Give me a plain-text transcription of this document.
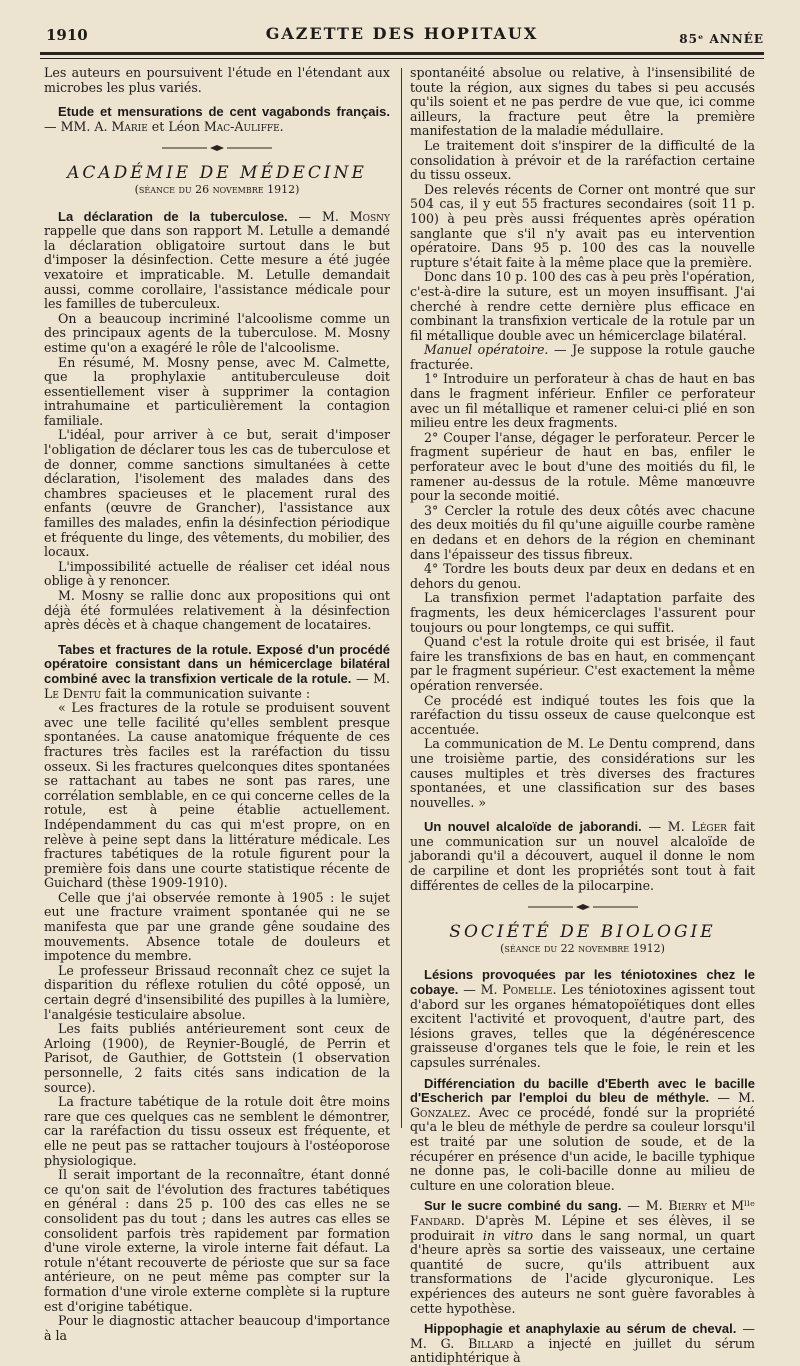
1910	GAZETTE DES HOPITAUX	85ᵉ ANNÉE

Les auteurs en poursuivent l'étude en l'étendant aux microbes les plus variés.

Etude et mensurations de cent vagabonds français. — MM. A. Marie et Léon Mac-Auliffe.

ACADÉMIE DE MÉDECINE
(séance du 26 novembre 1912)

La déclaration de la tuberculose. — M. Mosny rappelle que dans son rapport M. Letulle a demandé la déclaration obligatoire surtout dans le but d'imposer la désinfection. Cette mesure a été jugée vexatoire et impraticable. M. Letulle demandait aussi, comme corollaire, l'assistance médicale pour les familles de tuberculeux.

On a beaucoup incriminé l'alcoolisme comme un des principaux agents de la tuberculose. M. Mosny estime qu'on a exagéré le rôle de l'alcoolisme.

En résumé, M. Mosny pense, avec M. Calmette, que la prophylaxie antituberculeuse doit essentiellement viser à supprimer la contagion intrahumaine et particulièrement la contagion familiale.

L'idéal, pour arriver à ce but, serait d'imposer l'obligation de déclarer tous les cas de tuberculose et de donner, comme sanctions simultanées à cette déclaration, l'isolement des malades dans des chambres spacieuses et le placement rural des enfants (œuvre de Grancher), l'assistance aux familles des malades, enfin la désinfection périodique et fréquente du linge, des vêtements, du mobilier, des locaux.

L'impossibilité actuelle de réaliser cet idéal nous oblige à y renoncer.

M. Mosny se rallie donc aux propositions qui ont déjà été formulées relativement à la désinfection après décès et à chaque changement de locataires.

Tabes et fractures de la rotule. Exposé d'un procédé opératoire consistant dans un hémicerclage bilatéral combiné avec la transfixion verticale de la rotule. — M. Le Dentu fait la communication suivante :

« Les fractures de la rotule se produisent souvent avec une telle facilité qu'elles semblent presque spontanées. La cause anatomique fréquente de ces fractures très faciles est la raréfaction du tissu osseux. Si les fractures quelconques dites spontanées se rattachant au tabes ne sont pas rares, une corrélation semblable, en ce qui concerne celles de la rotule, est à peine établie actuellement. Indépendamment du cas qui m'est propre, on en relève à peine sept dans la littérature médicale. Les fractures tabétiques de la rotule figurent pour la première fois dans une courte statistique récente de Guichard (thèse 1909-1910).

Celle que j'ai observée remonte à 1905 : le sujet eut une fracture vraiment spontanée qui ne se manifesta que par une grande gêne soudaine des mouvements. Absence totale de douleurs et impotence du membre.

Le professeur Brissaud reconnaît chez ce sujet la disparition du réflexe rotulien du côté opposé, un certain degré d'insensibilité des pupilles à la lumière, l'analgésie testiculaire absolue.

Les faits publiés antérieurement sont ceux de Arloing (1900), de Reynier-Bouglé, de Perrin et Parisot, de Gauthier, de Gottstein (1 observation personnelle, 2 faits cités sans indication de la source).

La fracture tabétique de la rotule doit être moins rare que ces quelques cas ne semblent le démontrer, car la raréfaction du tissu osseux est fréquente, et elle ne peut pas se rattacher toujours à l'ostéoporose physiologique.

Il serait important de la reconnaître, étant donné ce qu'on sait de l'évolution des fractures tabétiques en général : dans 25 p. 100 des cas elles ne se consolident pas du tout ; dans les autres cas elles se consolident parfois très rapidement par formation d'une virole externe, la virole interne fait défaut. La rotule n'étant recouverte de périoste que sur sa face antérieure, on ne peut même pas compter sur la formation d'une virole externe complète si la rupture est d'origine tabétique.

Pour le diagnostic attacher beaucoup d'importance à la

spontanéité absolue ou relative, à l'insensibilité de toute la région, aux signes du tabes si peu accusés qu'ils soient et ne pas perdre de vue que, ici comme ailleurs, la fracture peut être la première manifestation de la maladie médullaire.

Le traitement doit s'inspirer de la difficulté de la consolidation à prévoir et de la raréfaction certaine du tissu osseux.

Des relevés récents de Corner ont montré que sur 504 cas, il y eut 55 fractures secondaires (soit 11 p. 100) à peu près aussi fréquentes après opération sanglante que s'il n'y avait pas eu intervention opératoire. Dans 95 p. 100 des cas la nouvelle rupture s'était faite à la même place que la première.

Donc dans 10 p. 100 des cas à peu près l'opération, c'est-à-dire la suture, est un moyen insuffisant. J'ai cherché à rendre cette dernière plus efficace en combinant la transfixion verticale de la rotule par un fil métallique double avec un hémicerclage bilatéral.

Manuel opératoire. — Je suppose la rotule gauche fracturée.

1° Introduire un perforateur à chas de haut en bas dans le fragment inférieur. Enfiler ce perforateur avec un fil métallique et ramener celui-ci plié en son milieu entre les deux fragments.

2° Couper l'anse, dégager le perforateur. Percer le fragment supérieur de haut en bas, enfiler le perforateur avec le bout d'une des moitiés du fil, le ramener au-dessus de la rotule. Même manœuvre pour la seconde moitié.

3° Cercler la rotule des deux côtés avec chacune des deux moitiés du fil qu'une aiguille courbe ramène en dedans et en dehors de la région en cheminant dans l'épaisseur des tissus fibreux.

4° Tordre les bouts deux par deux en dedans et en dehors du genou.

La transfixion permet l'adaptation parfaite des fragments, les deux hémicerclages l'assurent pour toujours ou pour longtemps, ce qui suffit.

Quand c'est la rotule droite qui est brisée, il faut faire les transfixions de bas en haut, en commençant par le fragment supérieur. C'est exactement la même opération renversée.

Ce procédé est indiqué toutes les fois que la raréfaction du tissu osseux de cause quelconque est accentuée.

La communication de M. Le Dentu comprend, dans une troisième partie, des considérations sur les causes multiples et très diverses des fractures spontanées, et une classification sur des bases nouvelles. »

Un nouvel alcaloïde de jaborandi. — M. Léger fait une communication sur un nouvel alcaloïde de jaborandi qu'il a découvert, auquel il donne le nom de carpiline et dont les propriétés sont tout à fait différentes de celles de la pilocarpine.

SOCIÉTÉ DE BIOLOGIE
(séance du 22 novembre 1912)

Lésions provoquées par les téniotoxines chez le cobaye. — M. Pomelle. Les téniotoxines agissent tout d'abord sur les organes hématopoïétiques dont elles excitent l'activité et provoquent, d'autre part, des lésions graves, telles que la dégénérescence graisseuse d'organes tels que le foie, le rein et les capsules surrénales.

Différenciation du bacille d'Eberth avec le bacille d'Escherich par l'emploi du bleu de méthyle. — M. Gonzalez. Avec ce procédé, fondé sur la propriété qu'a le bleu de méthyle de perdre sa couleur lorsqu'il est traité par une solution de soude, et de la récupérer en présence d'un acide, le bacille typhique ne donne pas, le coli-bacille donne au milieu de culture en une coloration bleue.

Sur le sucre combiné du sang. — M. Bierry et Mˡˡᵉ Fandard. D'après M. Lépine et ses élèves, il se produirait in vitro dans le sang normal, un quart d'heure après sa sortie des vaisseaux, une certaine quantité de sucre, qu'ils attribuent aux transformations de l'acide glycuronique. Les expériences des auteurs ne sont guère favorables à cette hypothèse.

Hippophagie et anaphylaxie au sérum de cheval. — M. G. Billard a injecté en juillet du sérum antidiphtérique à
